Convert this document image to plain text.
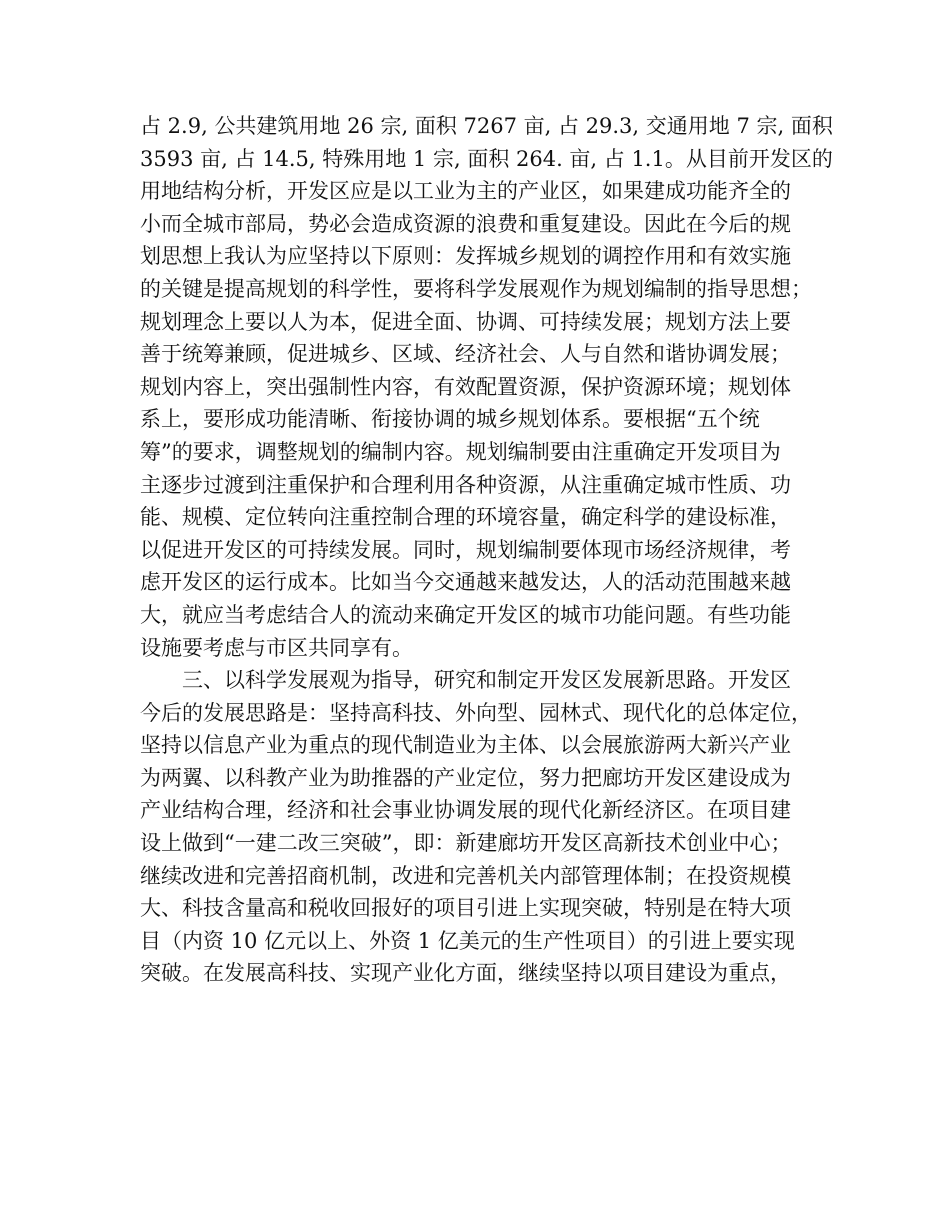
占 2.9, 公共建筑用地 26 宗, 面积 7267 亩, 占 29.3, 交通用地 7 宗, 面积
3593 亩, 占 14.5, 特殊用地 1 宗, 面积 264. 亩, 占 1.1。从目前开发区的
用地结构分析，开发区应是以工业为主的产业区，如果建成功能齐全的
小而全城市部局，势必会造成资源的浪费和重复建设。因此在今后的规
划思想上我认为应坚持以下原则：发挥城乡规划的调控作用和有效实施
的关键是提高规划的科学性，要将科学发展观作为规划编制的指导思想；
规划理念上要以人为本，促进全面、协调、可持续发展；规划方法上要
善于统筹兼顾，促进城乡、区域、经济社会、人与自然和谐协调发展；
规划内容上，突出强制性内容，有效配置资源，保护资源环境；规划体
系上，要形成功能清晰、衔接协调的城乡规划体系。要根据“五个统
筹”的要求，调整规划的编制内容。规划编制要由注重确定开发项目为
主逐步过渡到注重保护和合理利用各种资源，从注重确定城市性质、功
能、规模、定位转向注重控制合理的环境容量，确定科学的建设标准，
以促进开发区的可持续发展。同时，规划编制要体现市场经济规律，考
虑开发区的运行成本。比如当今交通越来越发达，人的活动范围越来越
大，就应当考虑结合人的流动来确定开发区的城市功能问题。有些功能
设施要考虑与市区共同享有。
三、以科学发展观为指导，研究和制定开发区发展新思路。开发区
今后的发展思路是：坚持高科技、外向型、园林式、现代化的总体定位，
坚持以信息产业为重点的现代制造业为主体、以会展旅游两大新兴产业
为两翼、以科教产业为助推器的产业定位，努力把廊坊开发区建设成为
产业结构合理，经济和社会事业协调发展的现代化新经济区。在项目建
设上做到“一建二改三突破”，即：新建廊坊开发区高新技术创业中心；
继续改进和完善招商机制，改进和完善机关内部管理体制；在投资规模
大、科技含量高和税收回报好的项目引进上实现突破，特别是在特大项
目（内资 10 亿元以上、外资 1 亿美元的生产性项目）的引进上要实现
突破。在发展高科技、实现产业化方面，继续坚持以项目建设为重点，
